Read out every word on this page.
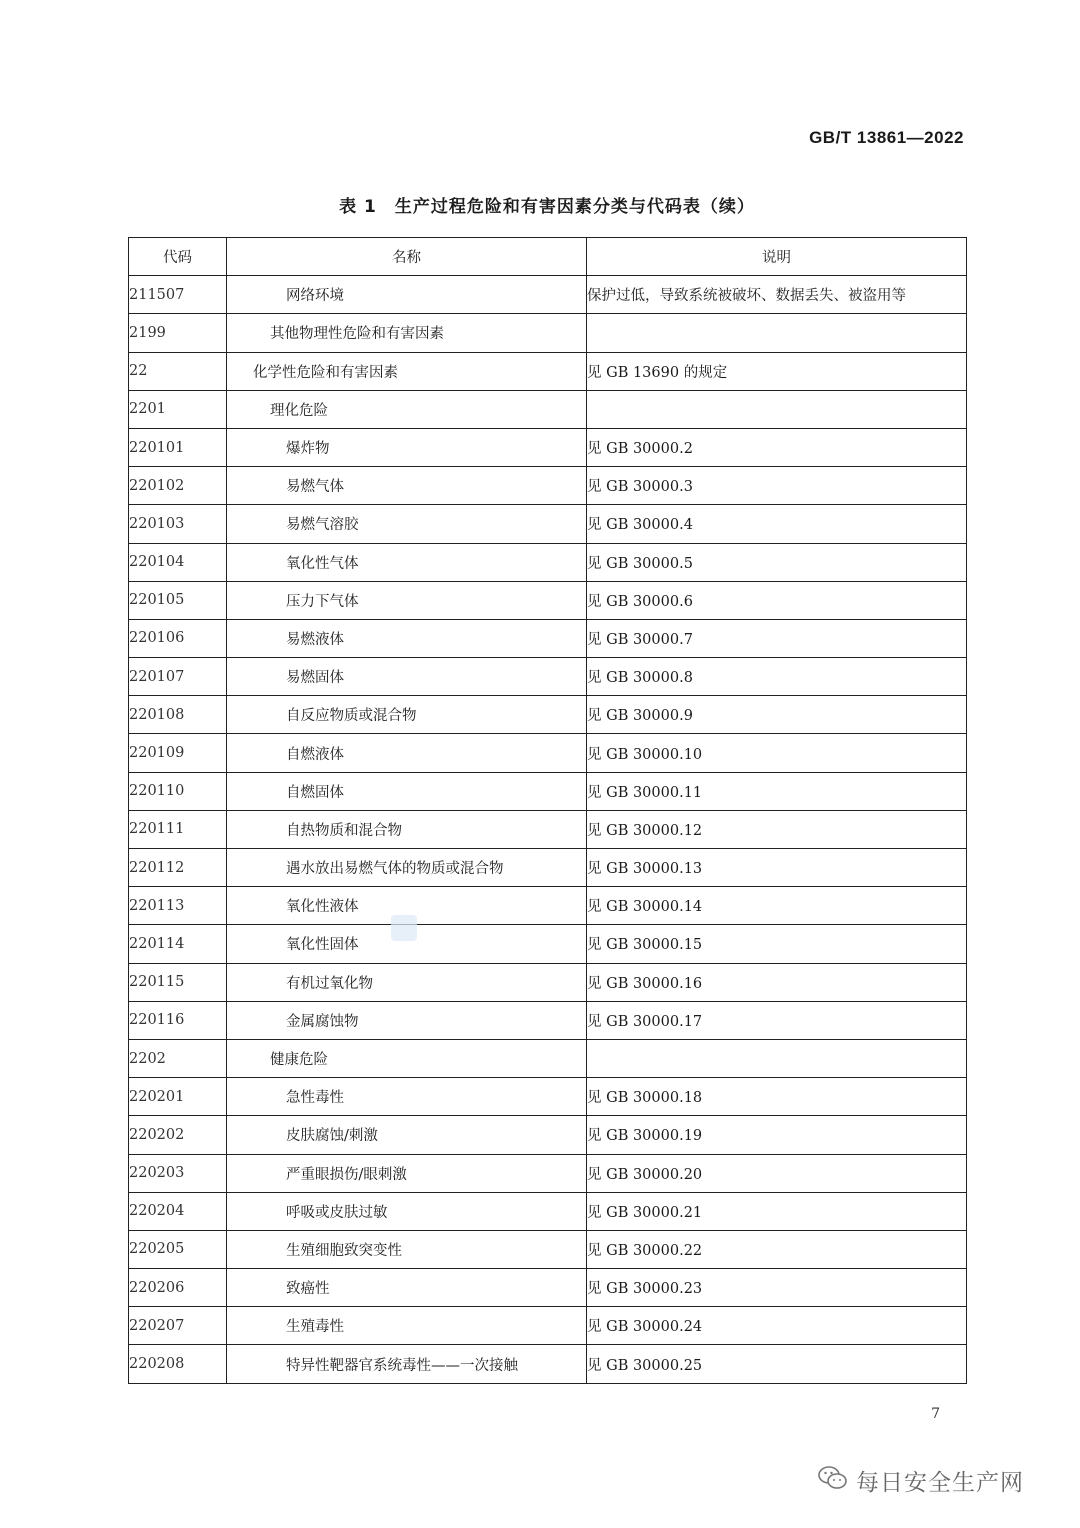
GB/T 13861—2022
表 1　生产过程危险和有害因素分类与代码表（续）
代码	名称	说明
211507	网络环境	保护过低，导致系统被破坏、数据丢失、被盗用等
2199	其他物理性危险和有害因素	
22	化学性危险和有害因素	见 GB 13690 的规定
2201	理化危险	
220101	爆炸物	见 GB 30000.2
220102	易燃气体	见 GB 30000.3
220103	易燃气溶胶	见 GB 30000.4
220104	氧化性气体	见 GB 30000.5
220105	压力下气体	见 GB 30000.6
220106	易燃液体	见 GB 30000.7
220107	易燃固体	见 GB 30000.8
220108	自反应物质或混合物	见 GB 30000.9
220109	自燃液体	见 GB 30000.10
220110	自燃固体	见 GB 30000.11
220111	自热物质和混合物	见 GB 30000.12
220112	遇水放出易燃气体的物质或混合物	见 GB 30000.13
220113	氧化性液体	见 GB 30000.14
220114	氧化性固体	见 GB 30000.15
220115	有机过氧化物	见 GB 30000.16
220116	金属腐蚀物	见 GB 30000.17
2202	健康危险	
220201	急性毒性	见 GB 30000.18
220202	皮肤腐蚀/刺激	见 GB 30000.19
220203	严重眼损伤/眼刺激	见 GB 30000.20
220204	呼吸或皮肤过敏	见 GB 30000.21
220205	生殖细胞致突变性	见 GB 30000.22
220206	致癌性	见 GB 30000.23
220207	生殖毒性	见 GB 30000.24
220208	特异性靶器官系统毒性——一次接触	见 GB 30000.25
7
每日安全生产网
